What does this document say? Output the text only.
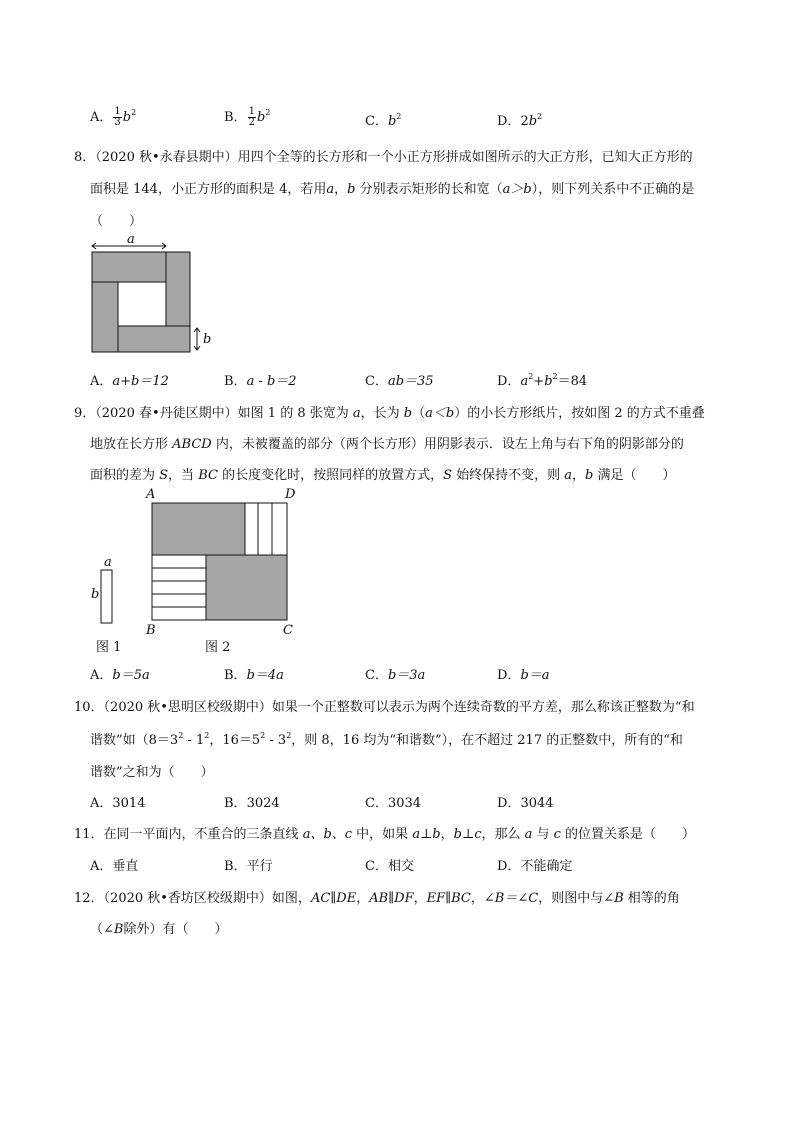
A． $\frac{1}{3} b^2$	B． $\frac{1}{2} b^2$
C．$b^2$	D．$2b^2$
8．（2020 秋•永春县期中）用四个全等的长方形和一个小正方形拼成如图所示的大正方形，已知大正方形的
面积是 144，小正方形的面积是 4，若用a，b 分别表示矩形的长和宽（a＞b），则下列关系中不正确的是
（　　）
a
b
A．a+b＝12	B．a - b＝2	C．ab＝35	D．$a^2+b^2=84$
9．（2020 春•丹徒区期中）如图 1 的 8 张宽为 a，长为 b（a＜b）的小长方形纸片，按如图 2 的方式不重叠
地放在长方形 ABCD 内，未被覆盖的部分（两个长方形）用阴影表示．设左上角与右下角的阴影部分的
面积的差为 S，当 BC 的长度变化时，按照同样的放置方式，S 始终保持不变，则 a，b 满足（　　）
a
b
A	D
B	C
图 1	图 2
A．b＝5a	B．b＝4a	C．b＝3a	D．b＝a
10．（2020 秋•思明区校级期中）如果一个正整数可以表示为两个连续奇数的平方差，那么称该正整数为“和
谐数”如（$8=3^2 - 1^2$，$16=5^2 - 3^2$，则 8，16 均为“和谐数”），在不超过 217 的正整数中，所有的“和
谐数”之和为（　　）
A．3014	B．3024	C．3034	D．3044
11．在同一平面内，不重合的三条直线 a、b、c 中，如果 a⊥b，b⊥c，那么 a 与 c 的位置关系是（　　）
A．垂直	B．平行	C．相交	D．不能确定
12．（2020 秋•香坊区校级期中）如图，AC∥DE，AB∥DF，EF∥BC，∠B＝∠C，则图中与∠B 相等的角
（∠B除外）有（　　）
